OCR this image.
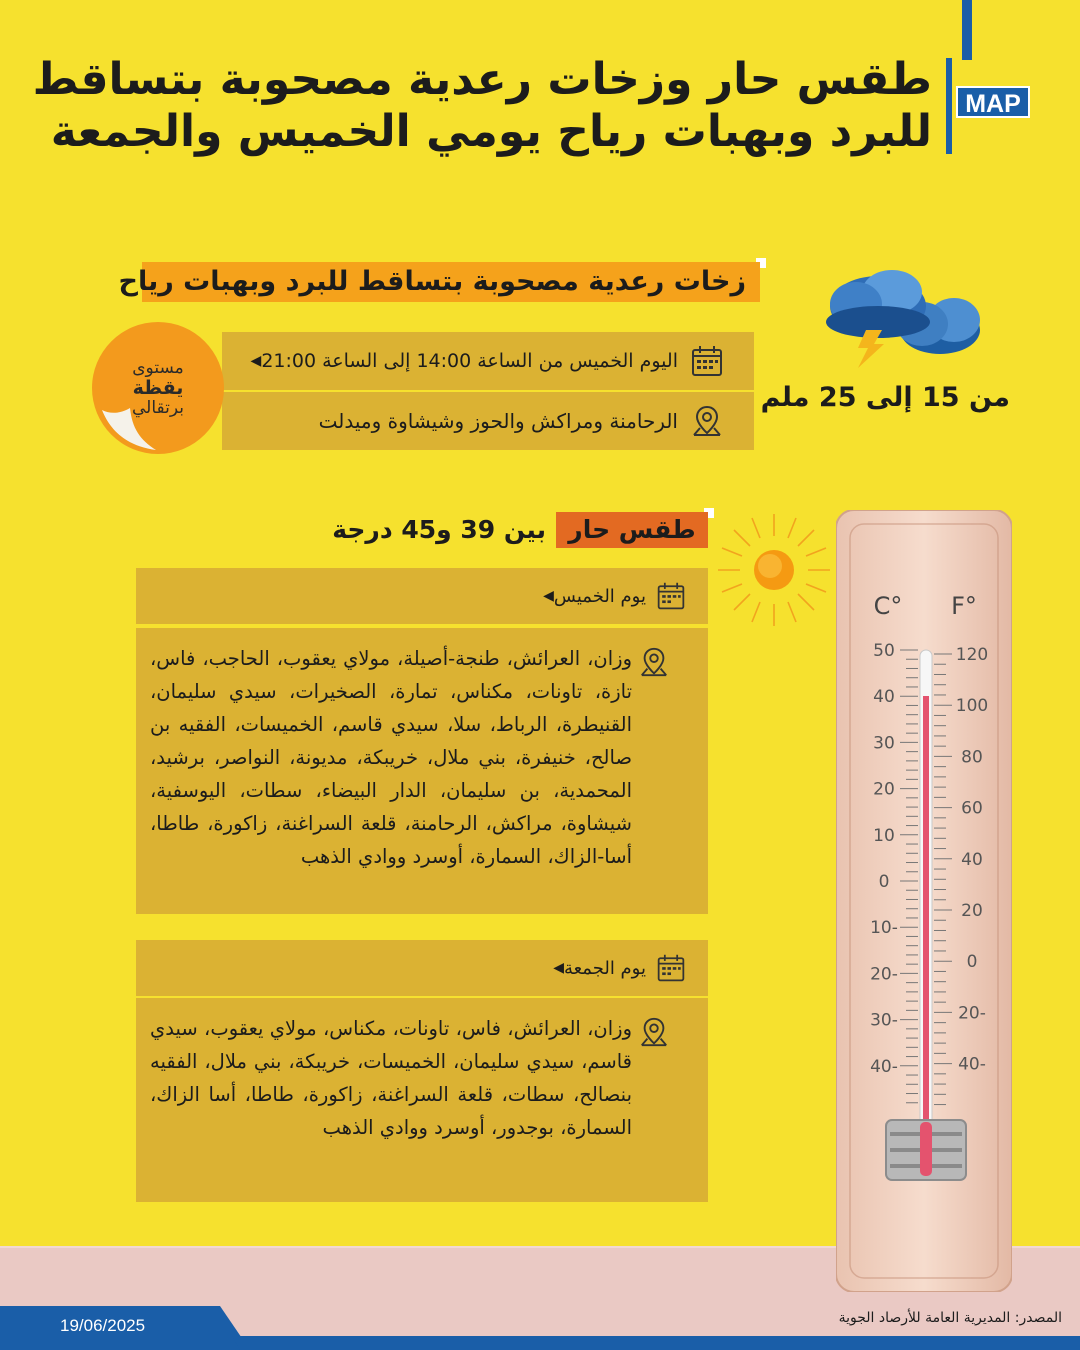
MAP
طقس حار وزخات رعدية مصحوبة بتساقط
للبرد وبهبات رياح يومي الخميس والجمعة
زخات رعدية مصحوبة بتساقط للبرد وبهبات رياح
من 15 إلى 25 ملم
اليوم الخميس من الساعة 14:00 إلى الساعة 21:00
◀
الرحامنة ومراكش والحوز وشيشاوة وميدلت
مستوى
يقظة
برتقالي
طقس حار
بين 39 و45 درجة
يوم الخميس
◀

وزان، العرائش، طنجة-أصيلة، مولاي يعقوب، الحاجب، فاس، تازة، تاونات، مكناس، تمارة، الصخيرات، سيدي سليمان، القنيطرة، الرباط، سلا، سيدي قاسم، الخميسات، الفقيه بن صالح، خنيفرة، بني ملال، خريبكة، مديونة، النواصر، برشيد، المحمدية، بن سليمان، الدار البيضاء، سطات، اليوسفية، شيشاوة، مراكش، الرحامنة، قلعة السراغنة، زاكورة، طاطا، أسا-الزاك، السمارة، أوسرد ووادي الذهب

يوم الجمعة
◀

وزان، العرائش، فاس، تاونات، مكناس، مولاي يعقوب، سيدي قاسم، سيدي سليمان، الخميسات، خريبكة، بني ملال، الفقيه بنصالح، سطات، قلعة السراغنة، زاكورة، طاطا، أسا الزاك، السمارة، بوجدور، أوسرد ووادي الذهب

°C °F
50
40
30
20
10
0
-10
-20
-30
-40
120
100
80
60
40
20
0
-20
-40
19/06/2025	المصدر: المديرية العامة للأرصاد الجوية
